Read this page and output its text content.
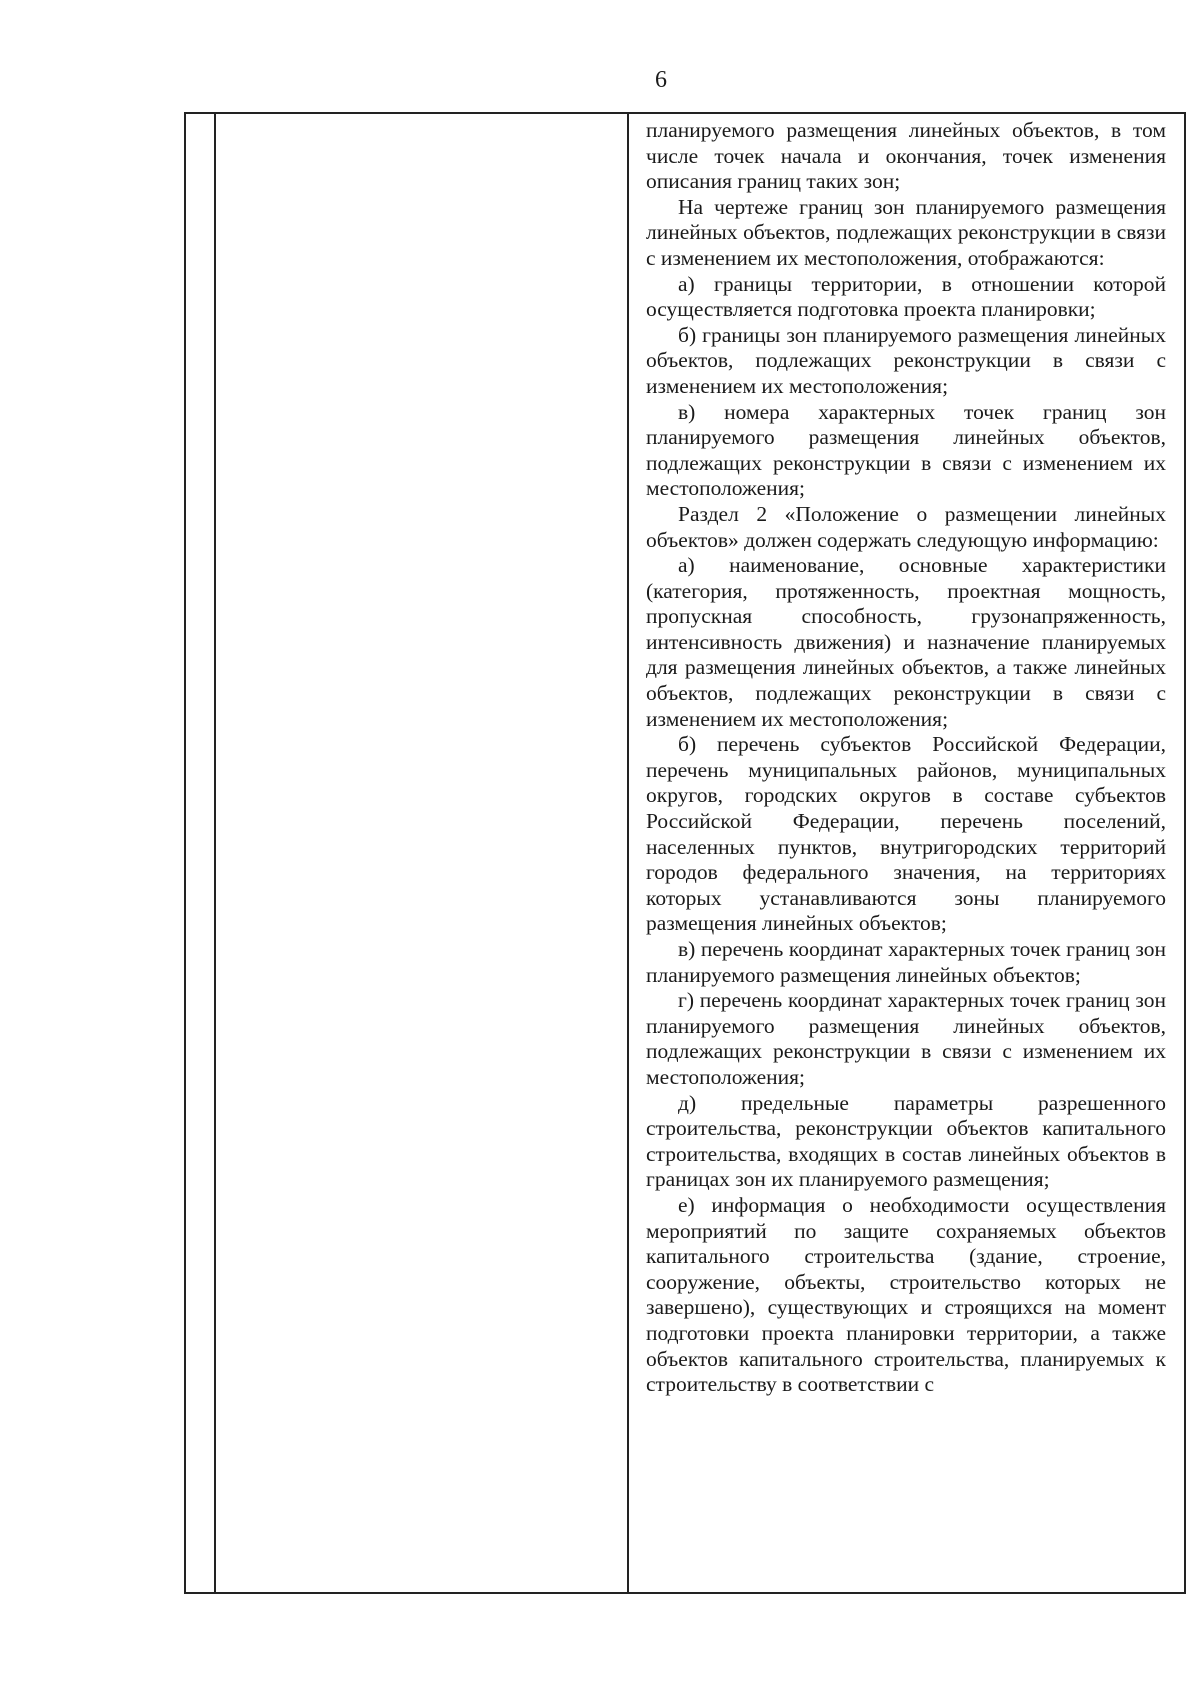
6

планируемого размещения линейных объектов, в том числе точек начала и окончания, точек изменения описания границ таких зон;

На чертеже границ зон планируемого размещения линейных объектов, подлежащих реконструкции в связи с изменением их местоположения, отображаются:

а) границы территории, в отношении которой осуществляется подготовка проекта планировки;

б) границы зон планируемого размещения линейных объектов, подлежащих реконструкции в связи с изменением их местоположения;

в) номера характерных точек границ зон планируемого размещения линейных объектов, подлежащих реконструкции в связи с изменением их местоположения;

Раздел 2 «Положение о размещении линейных объектов» должен содержать следующую информацию:

а) наименование, основные характеристики (категория, протяженность, проектная мощность, пропускная способность, грузонапряженность, интенсивность движения) и назначение планируемых для размещения линейных объектов, а также линейных объектов, подлежащих реконструкции в связи с изменением их местоположения;

б) перечень субъектов Российской Федерации, перечень муниципальных районов, муниципальных округов, городских округов в составе субъектов Российской Федерации, перечень поселений, населенных пунктов, внутригородских территорий городов федерального значения, на территориях которых устанавливаются зоны планируемого размещения линейных объектов;

в) перечень координат характерных точек границ зон планируемого размещения линейных объектов;

г) перечень координат характерных точек границ зон планируемого размещения линейных объектов, подлежащих реконструкции в связи с изменением их местоположения;

д) предельные параметры разрешенного строительства, реконструкции объектов капитального строительства, входящих в состав линейных объектов в границах зон их планируемого размещения;

е) информация о необходимости осуществления мероприятий по защите сохраняемых объектов капитального строительства (здание, строение, сооружение, объекты, строительство которых не завершено), существующих и строящихся на момент подготовки проекта планировки территории, а также объектов капитального строительства, планируемых к строительству в соответствии с
